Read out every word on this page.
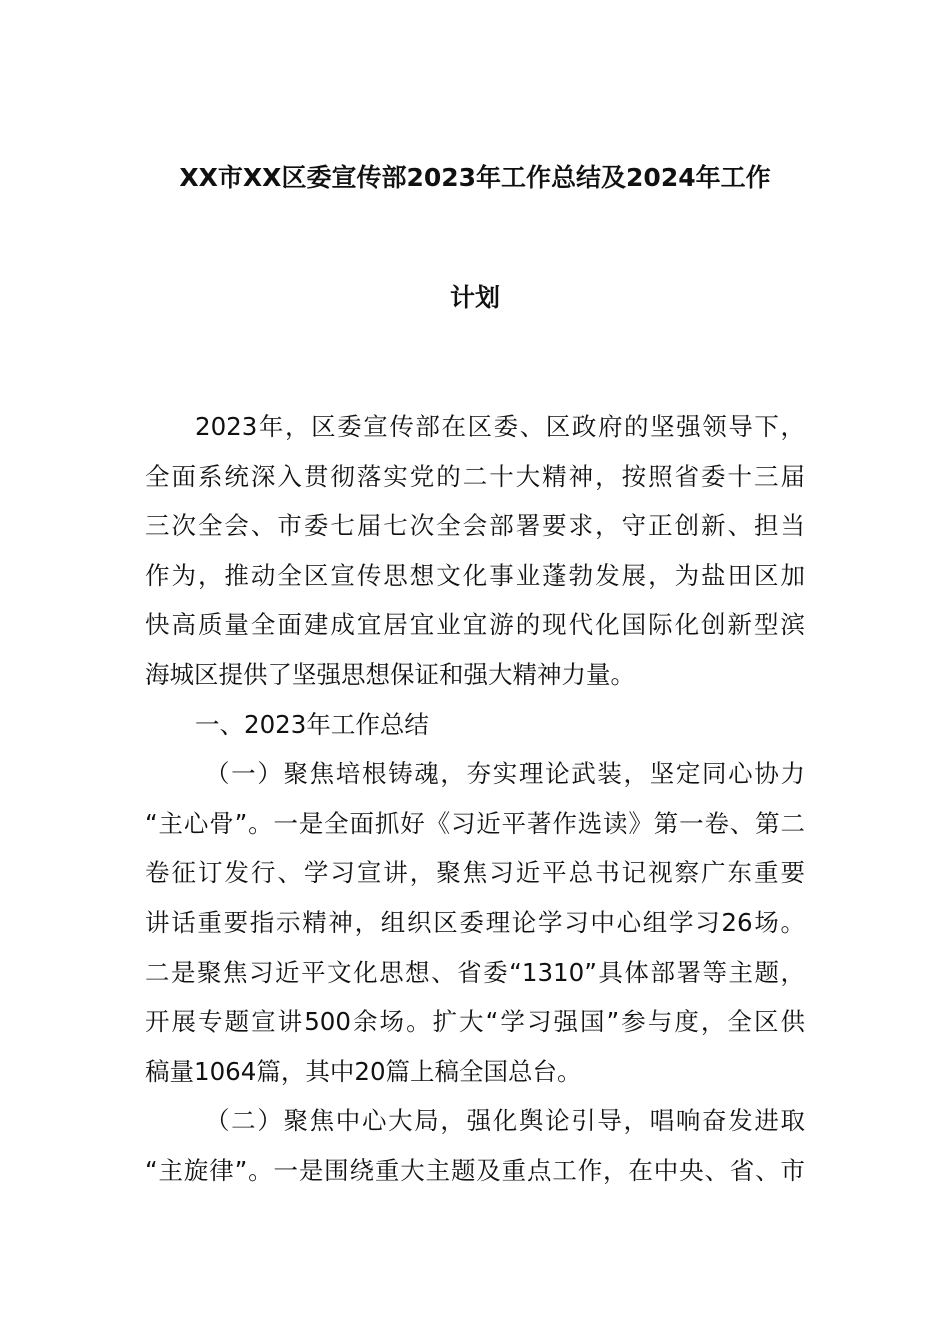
XX市XX区委宣传部2023年工作总结及2024年工作
计划
2023年，区委宣传部在区委、区政府的坚强领导下，
全面系统深入贯彻落实党的二十大精神，按照省委十三届
三次全会、市委七届七次全会部署要求，守正创新、担当
作为，推动全区宣传思想文化事业蓬勃发展，为盐田区加
快高质量全面建成宜居宜业宜游的现代化国际化创新型滨
海城区提供了坚强思想保证和强大精神力量。
一、2023年工作总结
（一）聚焦培根铸魂，夯实理论武装，坚定同心协力
“主心骨”。一是全面抓好《习近平著作选读》第一卷、第二
卷征订发行、学习宣讲，聚焦习近平总书记视察广东重要
讲话重要指示精神，组织区委理论学习中心组学习26场。
二是聚焦习近平文化思想、省委“1310”具体部署等主题，
开展专题宣讲500余场。扩大“学习强国”参与度，全区供
稿量1064篇，其中20篇上稿全国总台。
（二）聚焦中心大局，强化舆论引导，唱响奋发进取
“主旋律”。一是围绕重大主题及重点工作，在中央、省、市
